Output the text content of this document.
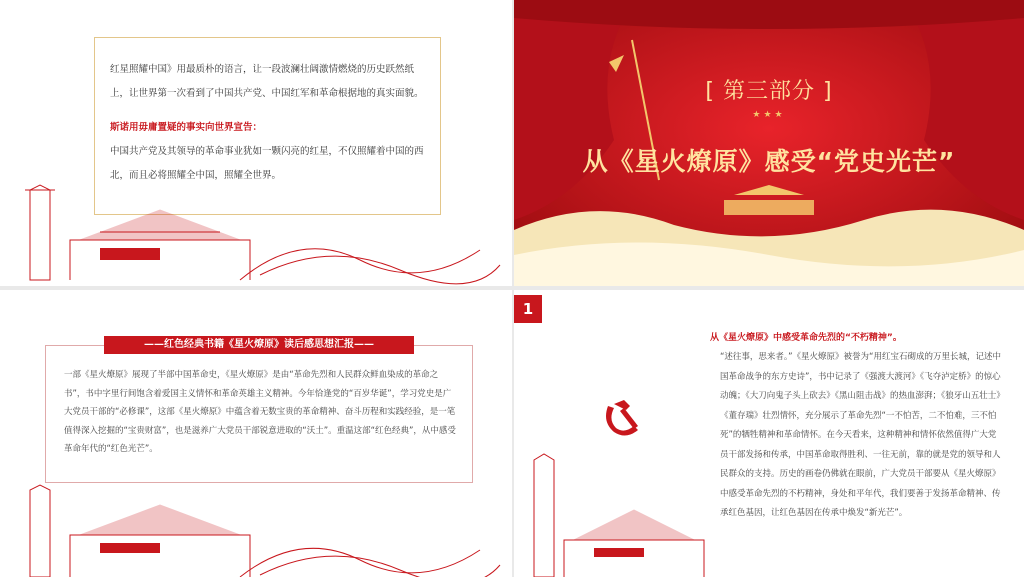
红星照耀中国》用最质朴的语言，让一段波澜壮阔激情燃烧的历史跃然纸上，让世界第一次看到了中国共产党、中国红军和革命根据地的真实面貌。
斯诺用毋庸置疑的事实向世界宣告：
中国共产党及其领导的革命事业犹如一颗闪亮的红星，不仅照耀着中国的西北，而且必将照耀全中国，照耀全世界。
[ 第三部分 ]
★★★
从《星火燎原》感受“党史光芒”
——红色经典书籍《星火燎原》读后感思想汇报——
一部《星火燎原》展现了半部中国革命史，《星火燎原》是由“革命先烈和人民群众鲜血染成的革命之书”，书中字里行间饱含着爱国主义情怀和革命英雄主义精神。今年恰逢党的“百岁华诞”，学习党史是广大党员干部的“必修课”，这部《星火燎原》中蕴含着无数宝贵的革命精神、奋斗历程和实践经验，是一笔值得深入挖掘的“宝贵财富”，也是滋养广大党员干部锐意进取的“沃土”。重温这部“红色经典”，从中感受革命年代的“红色光芒”。
1
从《星火燎原》中感受革命先烈的“不朽精神”。
“述往事，思来者。”《星火燎原》被誉为“用红宝石砌成的万里长城，记述中国革命战争的东方史诗”，书中记录了《强渡大渡河》《飞夺泸定桥》的惊心动魄；《大刀向鬼子头上砍去》《黑山阻击战》的热血澎湃；《狼牙山五壮士》《董存瑞》壮烈情怀，充分展示了革命先烈“一不怕苦，二不怕难，三不怕死”的牺牲精神和革命情怀。在今天看来，这种精神和情怀依然值得广大党员干部发扬和传承，中国革命取得胜利、一往无前，靠的就是党的领导和人民群众的支持。历史的画卷仍佛就在眼前，广大党员干部要从《星火燎原》中感受革命先烈的不朽精神，身处和平年代，我们要善于发扬革命精神、传承红色基因，让红色基因在传承中焕发“新光芒”。
